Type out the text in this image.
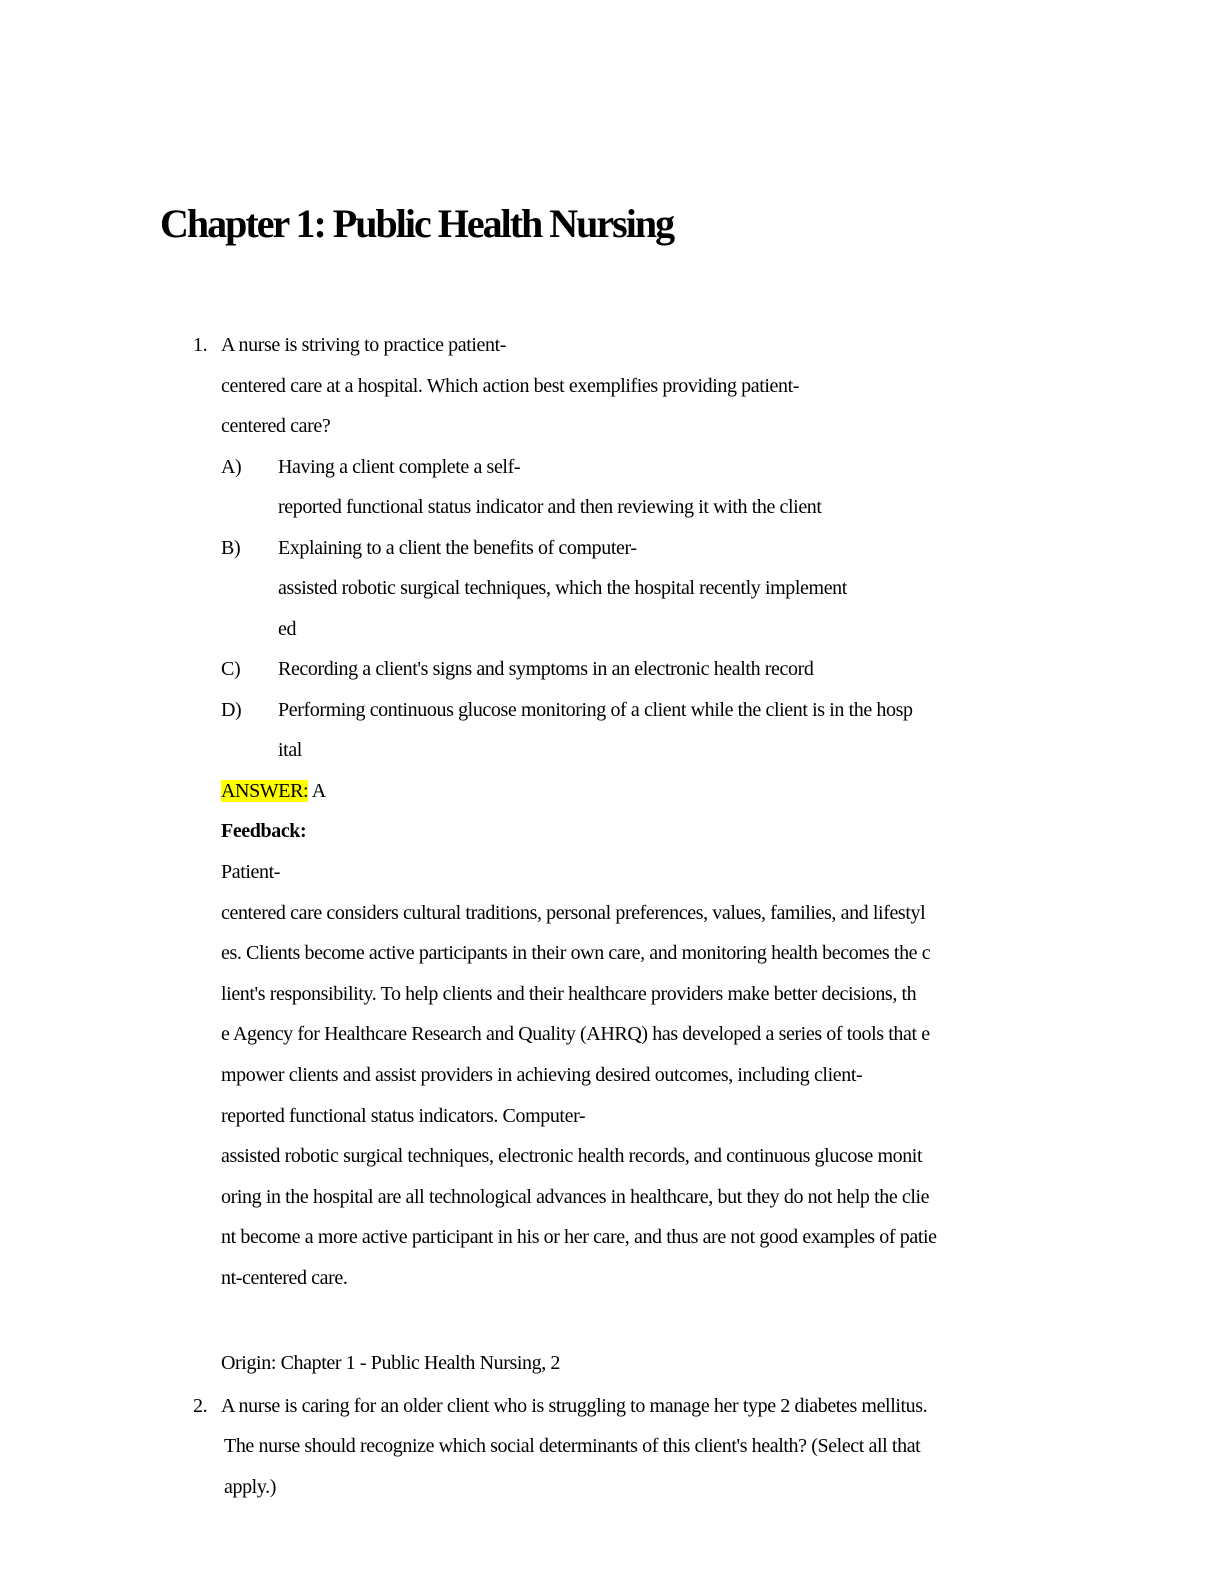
Chapter 1: Public Health Nursing
1. A nurse is striving to practice patient-
centered care at a hospital. Which action best exemplifies providing patient-
centered care?
A) Having a client complete a self-
reported functional status indicator and then reviewing it with the client
B) Explaining to a client the benefits of computer-
assisted robotic surgical techniques, which the hospital recently implement
ed
C) Recording a client's signs and symptoms in an electronic health record
D) Performing continuous glucose monitoring of a client while the client is in the hosp
ital
ANSWER: A
Feedback:
Patient-
centered care considers cultural traditions, personal preferences, values, families, and lifestyl
es. Clients become active participants in their own care, and monitoring health becomes the c
lient's responsibility. To help clients and their healthcare providers make better decisions, th
e Agency for Healthcare Research and Quality (AHRQ) has developed a series of tools that e
mpower clients and assist providers in achieving desired outcomes, including client-
reported functional status indicators. Computer-
assisted robotic surgical techniques, electronic health records, and continuous glucose monit
oring in the hospital are all technological advances in healthcare, but they do not help the clie
nt become a more active participant in his or her care, and thus are not good examples of patie
nt-centered care.
Origin: Chapter 1 - Public Health Nursing, 2
2. A nurse is caring for an older client who is struggling to manage her type 2 diabetes mellitus.
The nurse should recognize which social determinants of this client's health? (Select all that
apply.)
